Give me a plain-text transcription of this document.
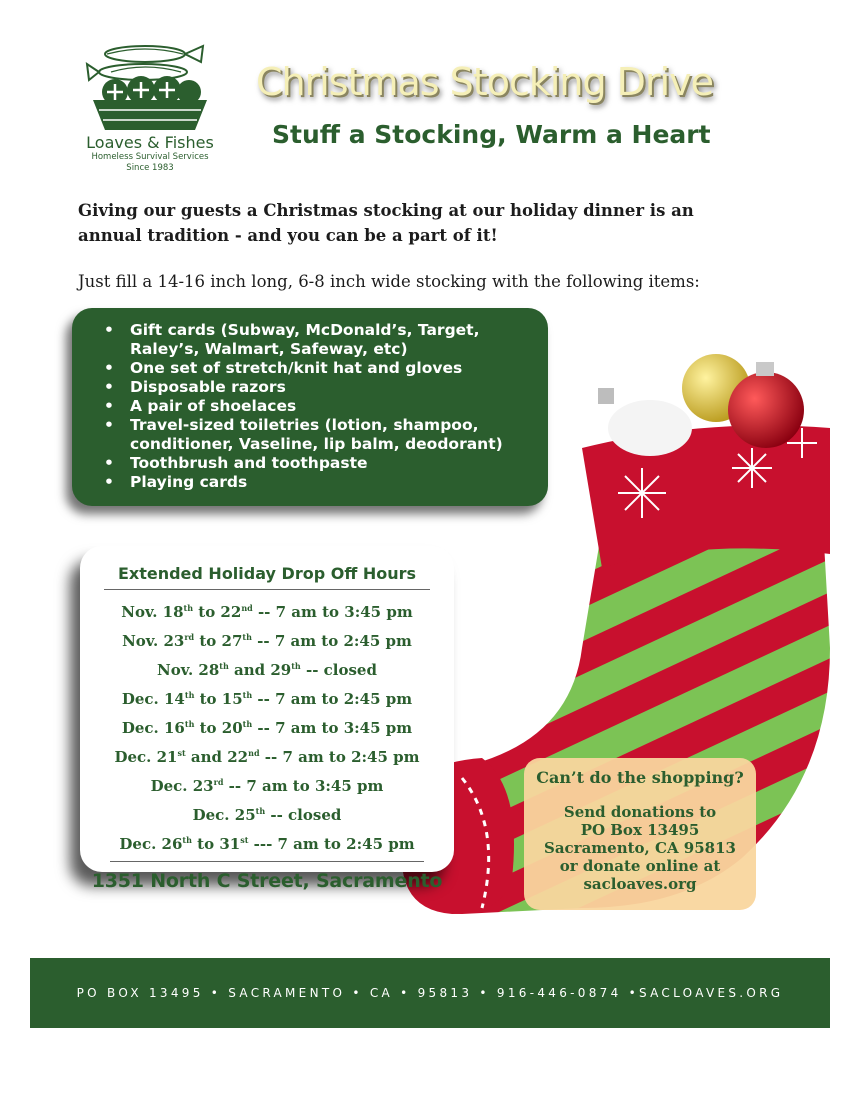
Loaves & Fishes
Homeless Survival Services
Since 1983
Christmas Stocking Drive
Stuff a Stocking, Warm a Heart
Giving our guests a Christmas stocking at our holiday dinner is an annual tradition - and you can be a part of it!
Just fill a 14-16 inch long, 6-8 inch wide stocking with the following items:
• Gift cards (Subway, McDonald’s, Target, Raley’s, Walmart, Safeway, etc)
• One set of stretch/knit hat and gloves
• Disposable razors
• A pair of shoelaces
• Travel-sized toiletries (lotion, shampoo, conditioner, Vaseline, lip balm, deodorant)
• Toothbrush and toothpaste
• Playing cards
Extended Holiday Drop Off Hours
Nov. 18th to 22nd -- 7 am to 3:45 pm
Nov. 23rd to 27th -- 7 am to 2:45 pm
Nov. 28th and 29th -- closed
Dec. 14th to 15th -- 7 am to 2:45 pm
Dec. 16th to 20th -- 7 am to 3:45 pm
Dec. 21st and 22nd -- 7 am to 2:45 pm
Dec. 23rd -- 7 am to 3:45 pm
Dec. 25th -- closed
Dec. 26th to 31st --- 7 am to 2:45 pm
1351 North C Street, Sacramento
Can’t do the shopping?
Send donations to
PO Box 13495
Sacramento, CA 95813
or donate online at
sacloaves.org
PO BOX 13495 • SACRAMENTO • CA • 95813 • 916-446-0874 •SACLOAVES.ORG
